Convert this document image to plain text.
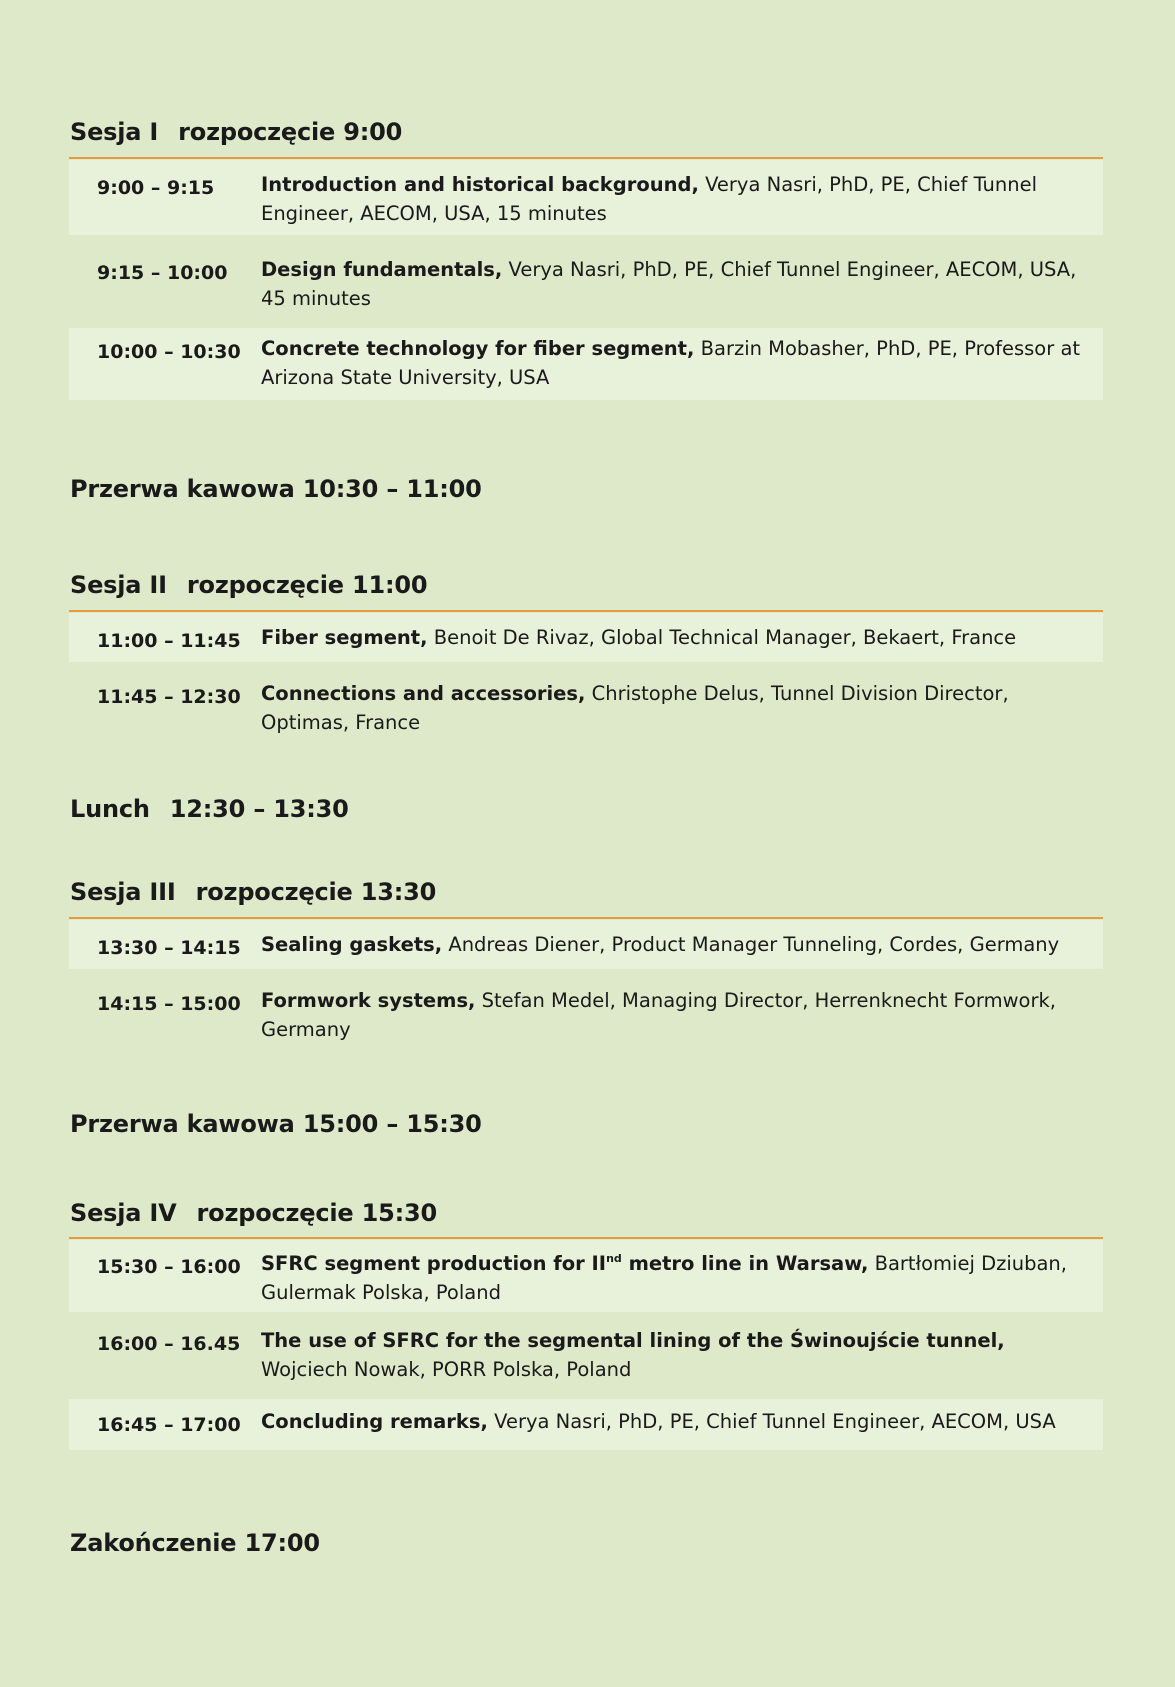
Sesja I rozpoczęcie 9:00
9:00 – 9:15 Introduction and historical background, Verya Nasri, PhD, PE, Chief Tunnel Engineer, AECOM, USA, 15 minutes
9:15 – 10:00 Design fundamentals, Verya Nasri, PhD, PE, Chief Tunnel Engineer, AECOM, USA, 45 minutes
10:00 – 10:30 Concrete technology for fiber segment, Barzin Mobasher, PhD, PE, Professor at Arizona State University, USA
Przerwa kawowa 10:30 – 11:00
Sesja II rozpoczęcie 11:00
11:00 – 11:45 Fiber segment, Benoit De Rivaz, Global Technical Manager, Bekaert, France
11:45 – 12:30 Connections and accessories, Christophe Delus, Tunnel Division Director, Optimas, France
Lunch 12:30 – 13:30
Sesja III rozpoczęcie 13:30
13:30 – 14:15 Sealing gaskets, Andreas Diener, Product Manager Tunneling, Cordes, Germany
14:15 – 15:00 Formwork systems, Stefan Medel, Managing Director, Herrenknecht Formwork, Germany
Przerwa kawowa 15:00 – 15:30
Sesja IV rozpoczęcie 15:30
15:30 – 16:00 SFRC segment production for IInd metro line in Warsaw, Bartłomiej Dziuban, Gulermak Polska, Poland
16:00 – 16.45 The use of SFRC for the segmental lining of the Świnoujście tunnel, Wojciech Nowak, PORR Polska, Poland
16:45 – 17:00 Concluding remarks, Verya Nasri, PhD, PE, Chief Tunnel Engineer, AECOM, USA
Zakończenie 17:00
